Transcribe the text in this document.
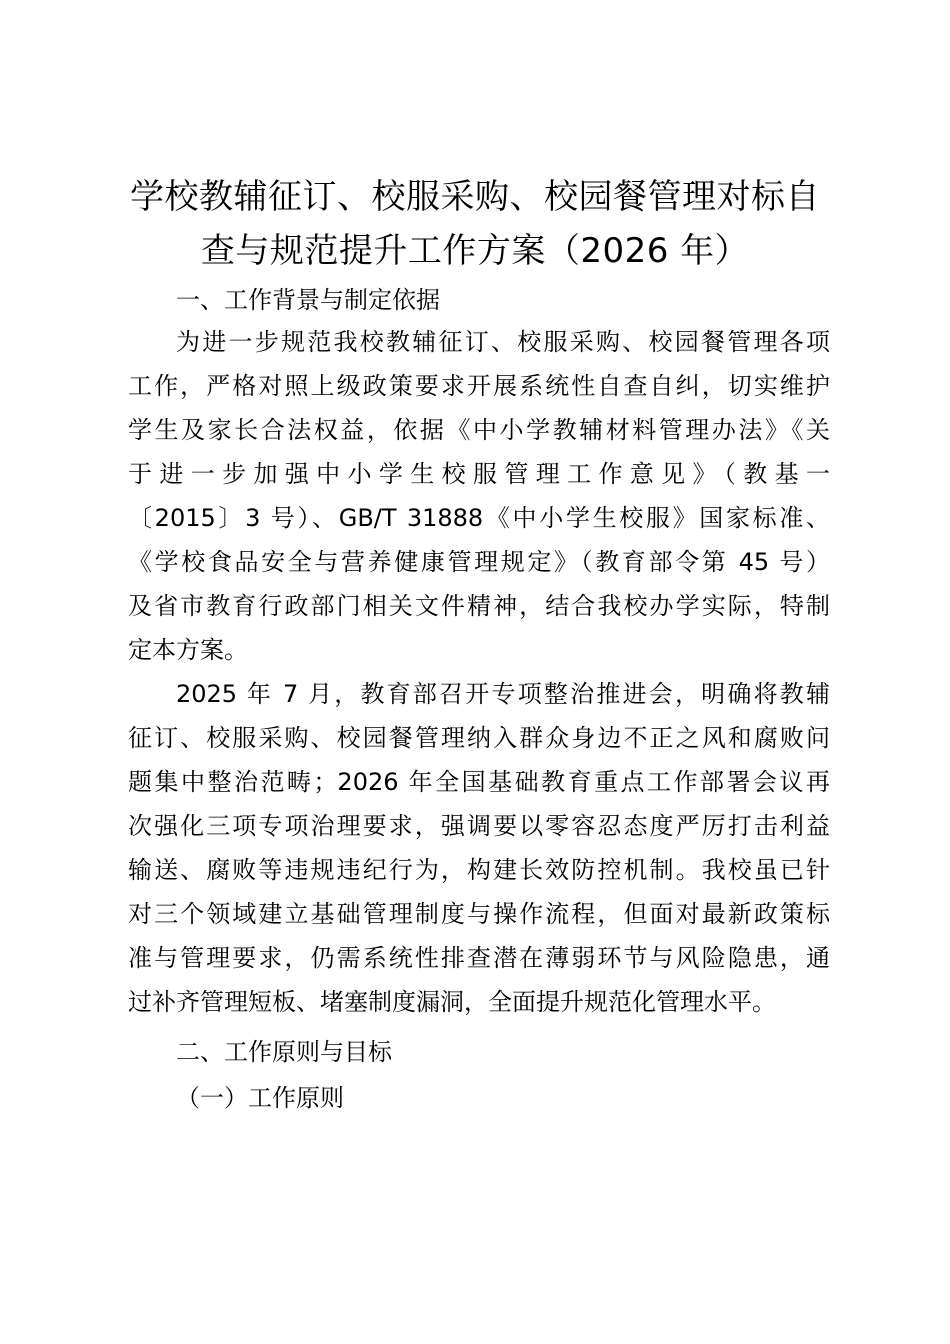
学校教辅征订、校服采购、校园餐管理对标自
查与规范提升工作方案（2026 年）

一、工作背景与制定依据

为进一步规范我校教辅征订、校服采购、校园餐管理各项

工作，严格对照上级政策要求开展系统性自查自纠，切实维护

学生及家长合法权益，依据《中小学教辅材料管理办法》《关

于进一步加强中小学生校服管理工作意见》（教基一

〔2015〕3 号）、GB/T 31888《中小学生校服》国家标准、

《学校食品安全与营养健康管理规定》（教育部令第 45 号）

及省市教育行政部门相关文件精神，结合我校办学实际，特制

定本方案。

2025 年 7 月，教育部召开专项整治推进会，明确将教辅

征订、校服采购、校园餐管理纳入群众身边不正之风和腐败问

题集中整治范畴；2026 年全国基础教育重点工作部署会议再

次强化三项专项治理要求，强调要以零容忍态度严厉打击利益

输送、腐败等违规违纪行为，构建长效防控机制。我校虽已针

对三个领域建立基础管理制度与操作流程，但面对最新政策标

准与管理要求，仍需系统性排查潜在薄弱环节与风险隐患，通

过补齐管理短板、堵塞制度漏洞，全面提升规范化管理水平。

二、工作原则与目标

（一）工作原则
